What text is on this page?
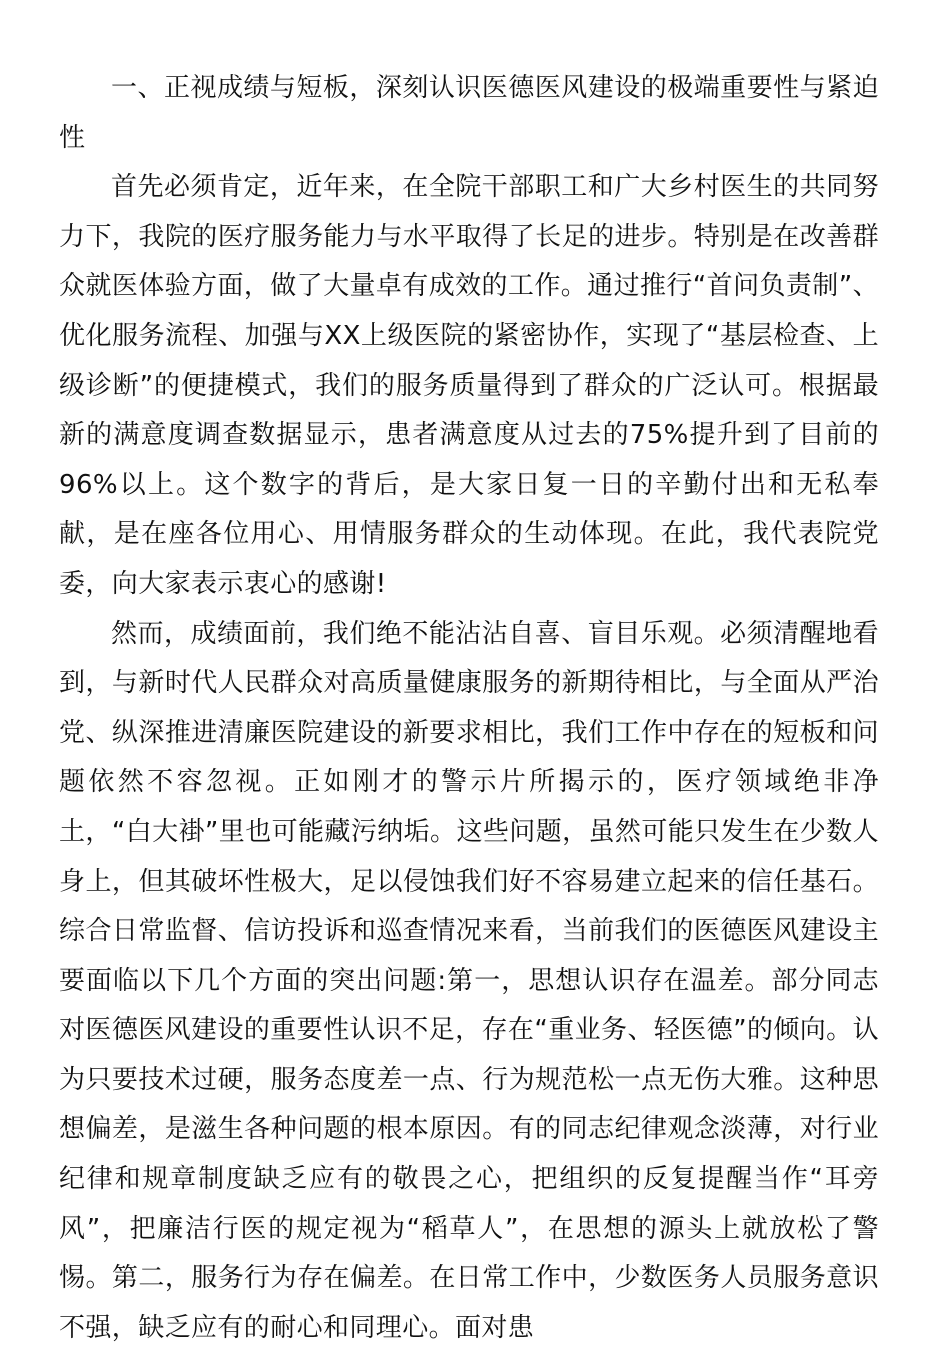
一、正视成绩与短板，深刻认识医德医风建设的极端重要性与紧迫性

首先必须肯定，近年来，在全院干部职工和广大乡村医生的共同努力下，我院的医疗服务能力与水平取得了长足的进步。特别是在改善群众就医体验方面，做了大量卓有成效的工作。通过推行“首问负责制”、优化服务流程、加强与XX上级医院的紧密协作，实现了“基层检查、上级诊断”的便捷模式，我们的服务质量得到了群众的广泛认可。根据最新的满意度调查数据显示，患者满意度从过去的75%提升到了目前的96%以上。这个数字的背后，是大家日复一日的辛勤付出和无私奉献，是在座各位用心、用情服务群众的生动体现。在此，我代表院党委，向大家表示衷心的感谢!

然而，成绩面前，我们绝不能沾沾自喜、盲目乐观。必须清醒地看到，与新时代人民群众对高质量健康服务的新期待相比，与全面从严治党、纵深推进清廉医院建设的新要求相比，我们工作中存在的短板和问题依然不容忽视。正如刚才的警示片所揭示的，医疗领域绝非净土，“白大褂”里也可能藏污纳垢。这些问题，虽然可能只发生在少数人身上，但其破坏性极大，足以侵蚀我们好不容易建立起来的信任基石。综合日常监督、信访投诉和巡查情况来看，当前我们的医德医风建设主要面临以下几个方面的突出问题:第一，思想认识存在温差。部分同志对医德医风建设的重要性认识不足，存在“重业务、轻医德”的倾向。认为只要技术过硬，服务态度差一点、行为规范松一点无伤大雅。这种思想偏差，是滋生各种问题的根本原因。有的同志纪律观念淡薄，对行业纪律和规章制度缺乏应有的敬畏之心，把组织的反复提醒当作“耳旁风”，把廉洁行医的规定视为“稻草人”，在思想的源头上就放松了警惕。第二，服务行为存在偏差。在日常工作中，少数医务人员服务意识不强，缺乏应有的耐心和同理心。面对患
